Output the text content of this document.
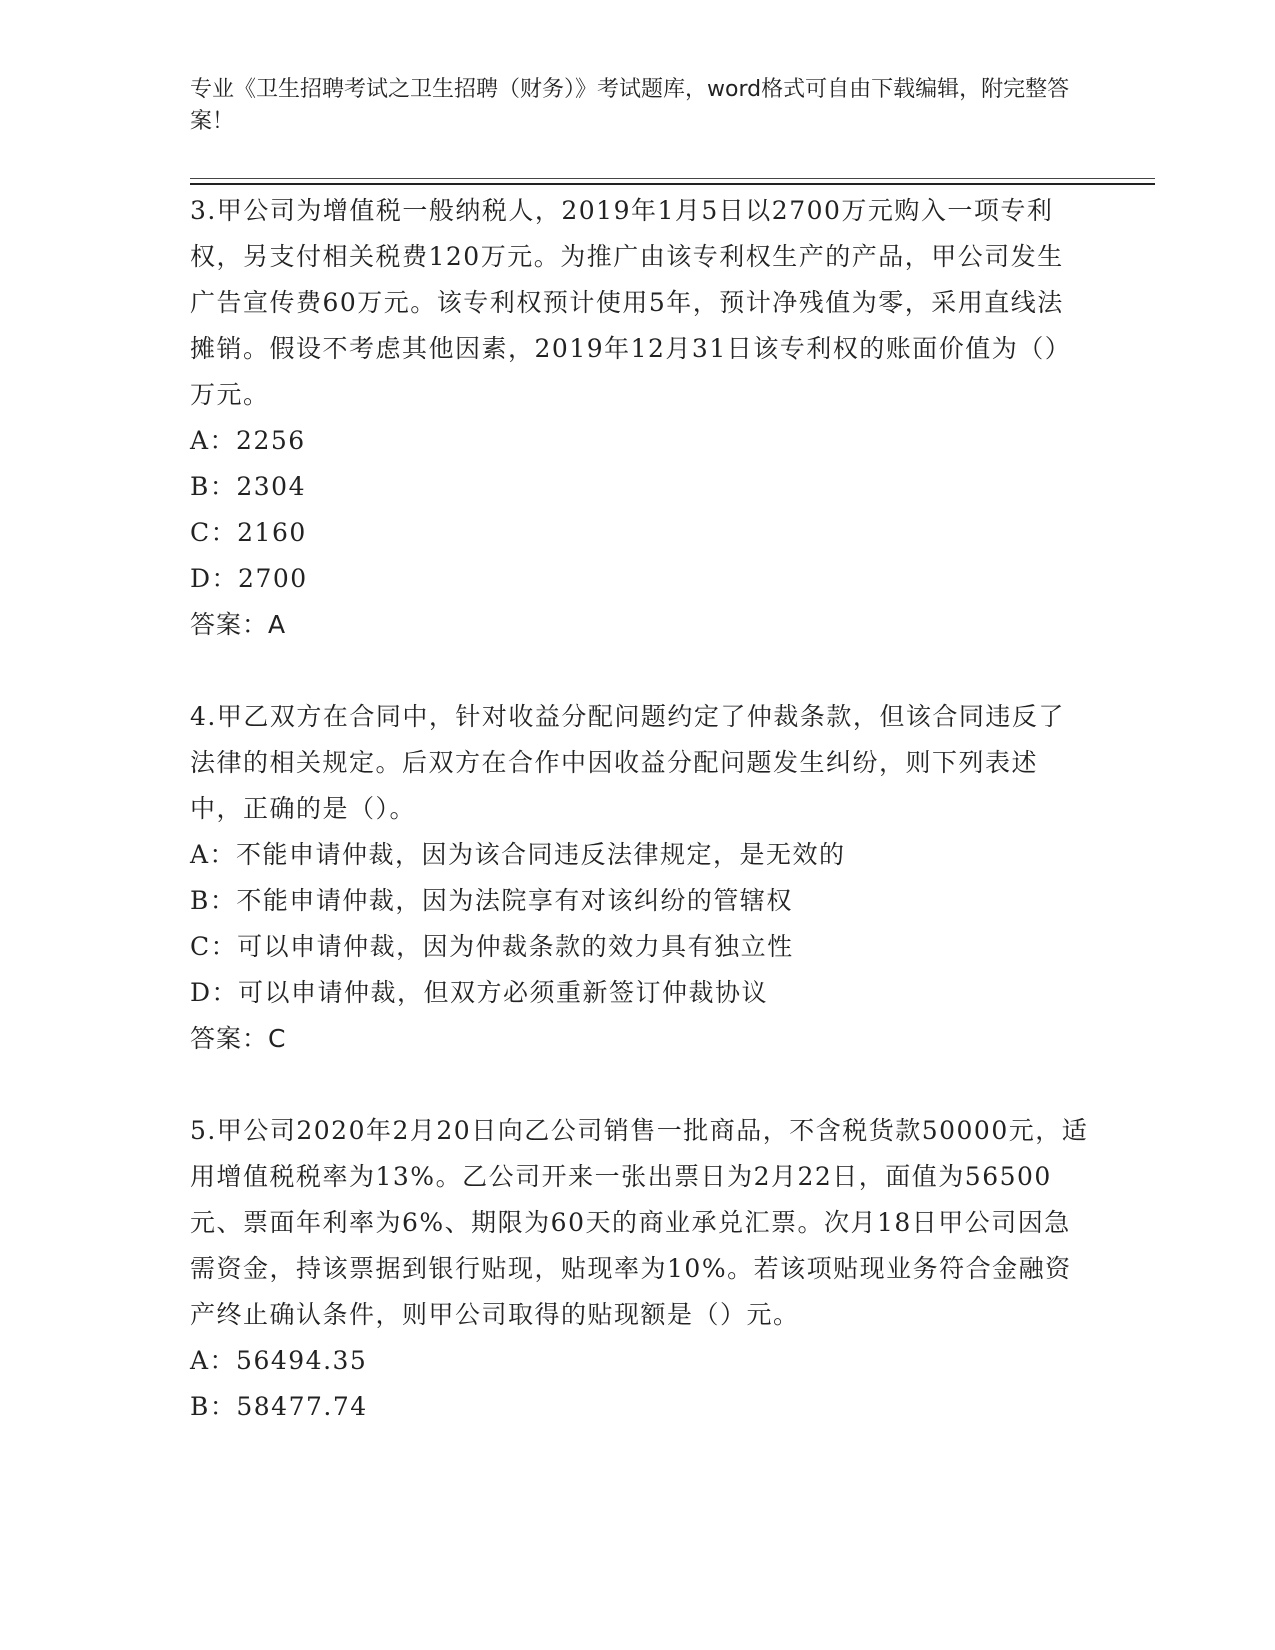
专业《卫生招聘考试之卫生招聘（财务）》考试题库，word格式可自由下载编辑，附完整答案！
3.甲公司为增值税一般纳税人，2019年1月5日以2700万元购入一项专利权，另支付相关税费120万元。为推广由该专利权生产的产品，甲公司发生广告宣传费60万元。该专利权预计使用5年，预计净残值为零，采用直线法摊销。假设不考虑其他因素，2019年12月31日该专利权的账面价值为（）万元。
A：2256
B：2304
C：2160
D：2700
答案：A
4.甲乙双方在合同中，针对收益分配问题约定了仲裁条款，但该合同违反了法律的相关规定。后双方在合作中因收益分配问题发生纠纷，则下列表述中，正确的是（）。
A：不能申请仲裁，因为该合同违反法律规定，是无效的
B：不能申请仲裁，因为法院享有对该纠纷的管辖权
C：可以申请仲裁，因为仲裁条款的效力具有独立性
D：可以申请仲裁，但双方必须重新签订仲裁协议
答案：C
5.甲公司2020年2月20日向乙公司销售一批商品，不含税货款50000元，适用增值税税率为13%。乙公司开来一张出票日为2月22日，面值为56500元、票面年利率为6%、期限为60天的商业承兑汇票。次月18日甲公司因急需资金，持该票据到银行贴现，贴现率为10%。若该项贴现业务符合金融资产终止确认条件，则甲公司取得的贴现额是（）元。
A：56494.35
B：58477.74
